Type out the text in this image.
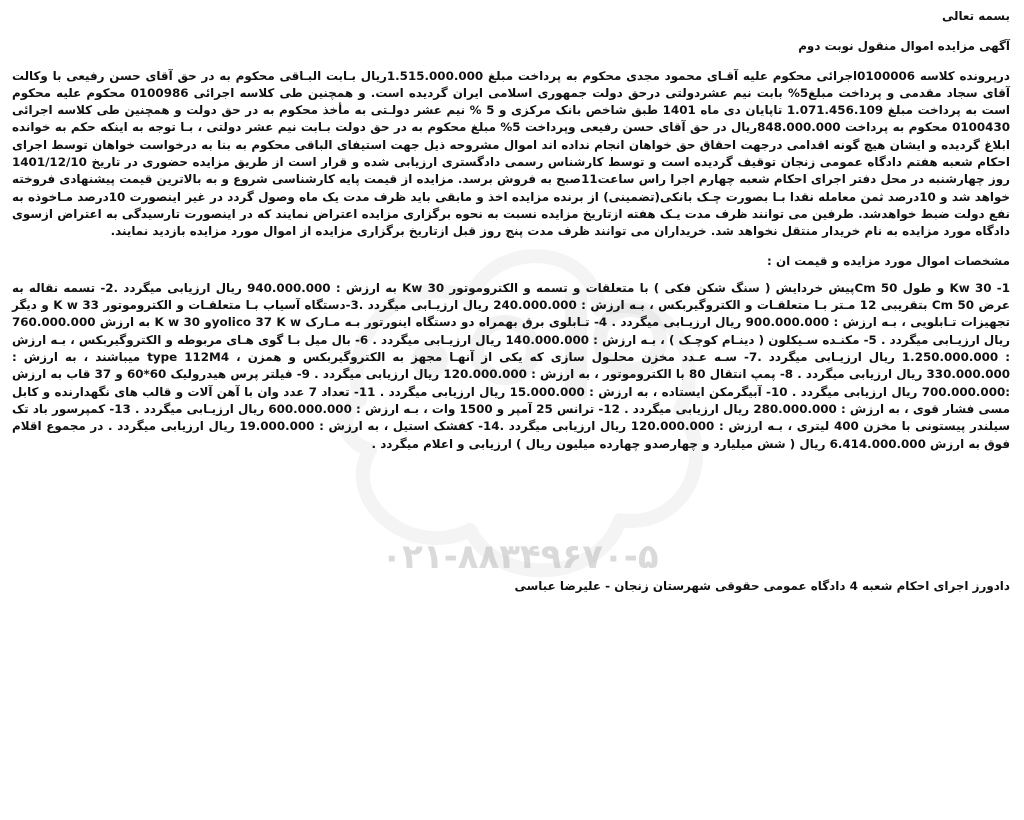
۰۲۱-۸۸۳۴۹۶۷۰-۵

بسمه تعالی

آگهی مزایده اموال منقول نوبت دوم

درپرونده کلاسه 0100006اجرائی محکوم علیه آقـای محمود مجدی محکوم به پرداخت مبلغ 1.515.000.000ریال بـابت البـاقی محکوم به در حق آقای حسن رفیعی با وکالت آقای سجاد مقدمی و پرداخت مبلغ5% بابت نیم عشردولتی درحق دولت جمهوری اسلامی ایران گردیده است. و همچنین طی کلاسه اجرائی 0100986 محکوم علیه محکوم است به پرداخت مبلغ 1.071.456.109 تاپایان دی ماه 1401 طبق شاخص بانک مرکزی و 5 % نیم عشر دولـتی به مأخذ محکوم به در حق دولت و همچنین طی کلاسه اجرائی 0100430 محکوم به پرداخت 848.000.000ریال در حق آقای حسن رفیعی وپرداخت 5% مبلغ محکوم به در حق دولت بـابت نیم عشر دولتی ، بـا توجه به اینکه حکم به خوانده ابلاغ گردیده و ایشان هیچ گونه اقدامی درجهت احقاق حق خواهان انجام نداده اند اموال مشروحه ذیل جهت استیفای الباقی محکوم به بنا به درخواست خواهان توسط اجرای احکام شعبه هفتم دادگاه عمومی زنجان توقیف گردیده است و توسط کارشناس رسمی دادگستری ارزیابی شده و قرار است از طریق مزایده حضوری در تاریخ 1401/12/10 روز چهارشنبه در محل دفتر اجرای احکام شعبه چهارم اجرا راس ساعت11صبح به فروش برسد. مزایده از قیمت پایه کارشناسی شروع و به بالاترین قیمت پیشنهادی فروخته خواهد شد و 10درصد ثمن معامله نقدا بـا بصورت چـک بانکی(تضمینی) از برنده مزایده اخذ و مابقی باید ظرف مدت یک ماه وصول گردد در غیر اینصورت 10درصد مـاخوذه به نفع دولت ضبط خواهدشد. طرفین می توانند ظرف مدت یـک هفته ازتاریخ مزایده نسبت به نحوه برگزاری مزایده اعتراض نمایند که در اینصورت تارسیدگی به اعتراض ازسوی دادگاه مورد مزایده به نام خریدار منتقل نخواهد شد. خریداران می توانند ظرف مدت پنج روز قبل ازتاریخ برگزاری مزایده از اموال مورد مزایده بازدید نمایند.

مشخصات اموال مورد مزایده و قیمت ان :

1- 30 Kw و طول 50 Cmپیش خردایش ( سنگ شکن فکی ) با متعلقات و تسمه و الکتروموتور 30 Kw به ارزش : 940.000.000 ریال ارزیابی میگردد .2- تسمه نقاله به عرض 50 Cm بتقریبی 12 مـتر بـا متعلقـات و الکتروگیربکس ، بـه ارزش : 240.000.000 ریال ارزیـابی میگردد .3-دستگاه آسیاب بـا متعلقـات و الکتروموتور 33 K w و دیگر تجهیزات تـابلویی ، بـه ارزش : 900.000.000 ریال ارزیـابی میگردد . 4- تـابلوی برق بهمراه دو دستگاه اینورتور بـه مـارک yolico 37 K wو 30 K w به ارزش 760.000.000 ریال ارزیـابی میگردد . 5- مکنـده سـیکلون ( دینـام کوچـک ) ، بـه ارزش : 140.000.000 ریال ارزیـابی میگردد . 6- بال میل بـا گوی هـای مربوطه و الکتروگیربکس ، بـه ارزش : 1.250.000.000 ریال ارزیـابی میگردد .7- سـه عـدد مخزن محلـول سازی که یکی از آنهـا مجهز به الکتروگیربکس و همزن ، type 112M4 میباشند ، به ارزش : 330.000.000 ریال ارزیابی میگردد . 8- پمپ انتقال 80 با الکتروموتور ، به ارزش : 120.000.000 ریال ارزیابی میگردد . 9- فیلتر پرس هیدرولیک 60*60 و 37 قاب به ارزش :700.000.000 ریال ارزیابی میگردد . 10- آبیگرمکن ایستاده ، به ارزش : 15.000.000 ریال ارزیابی میگردد . 11- تعداد 7 عدد وان با آهن آلات و قالب های نگهدارنده و کابل مسی فشار قوی ، به ارزش : 280.000.000 ریال ارزیابی میگردد . 12- ترانس 25 آمپر و 1500 وات ، بـه ارزش : 600.000.000 ریال ارزیـابی میگردد . 13- کمپرسور باد تک سیلندر پیستونی با مخزن 400 لیتری ، بـه ارزش : 120.000.000 ریال ارزیابی میگردد .14- کفشک استیل ، به ارزش : 19.000.000 ریال ارزیابی میگردد . در مجموع اقلام فوق به ارزش 6.414.000.000 ریال ( شش میلیارد و چهارصدو چهارده میلیون ریال ) ارزیابی و اعلام میگردد .

دادورز اجرای احکام شعبه 4 دادگاه عمومی حقوقی شهرستان زنجان - علیرضا عباسی
